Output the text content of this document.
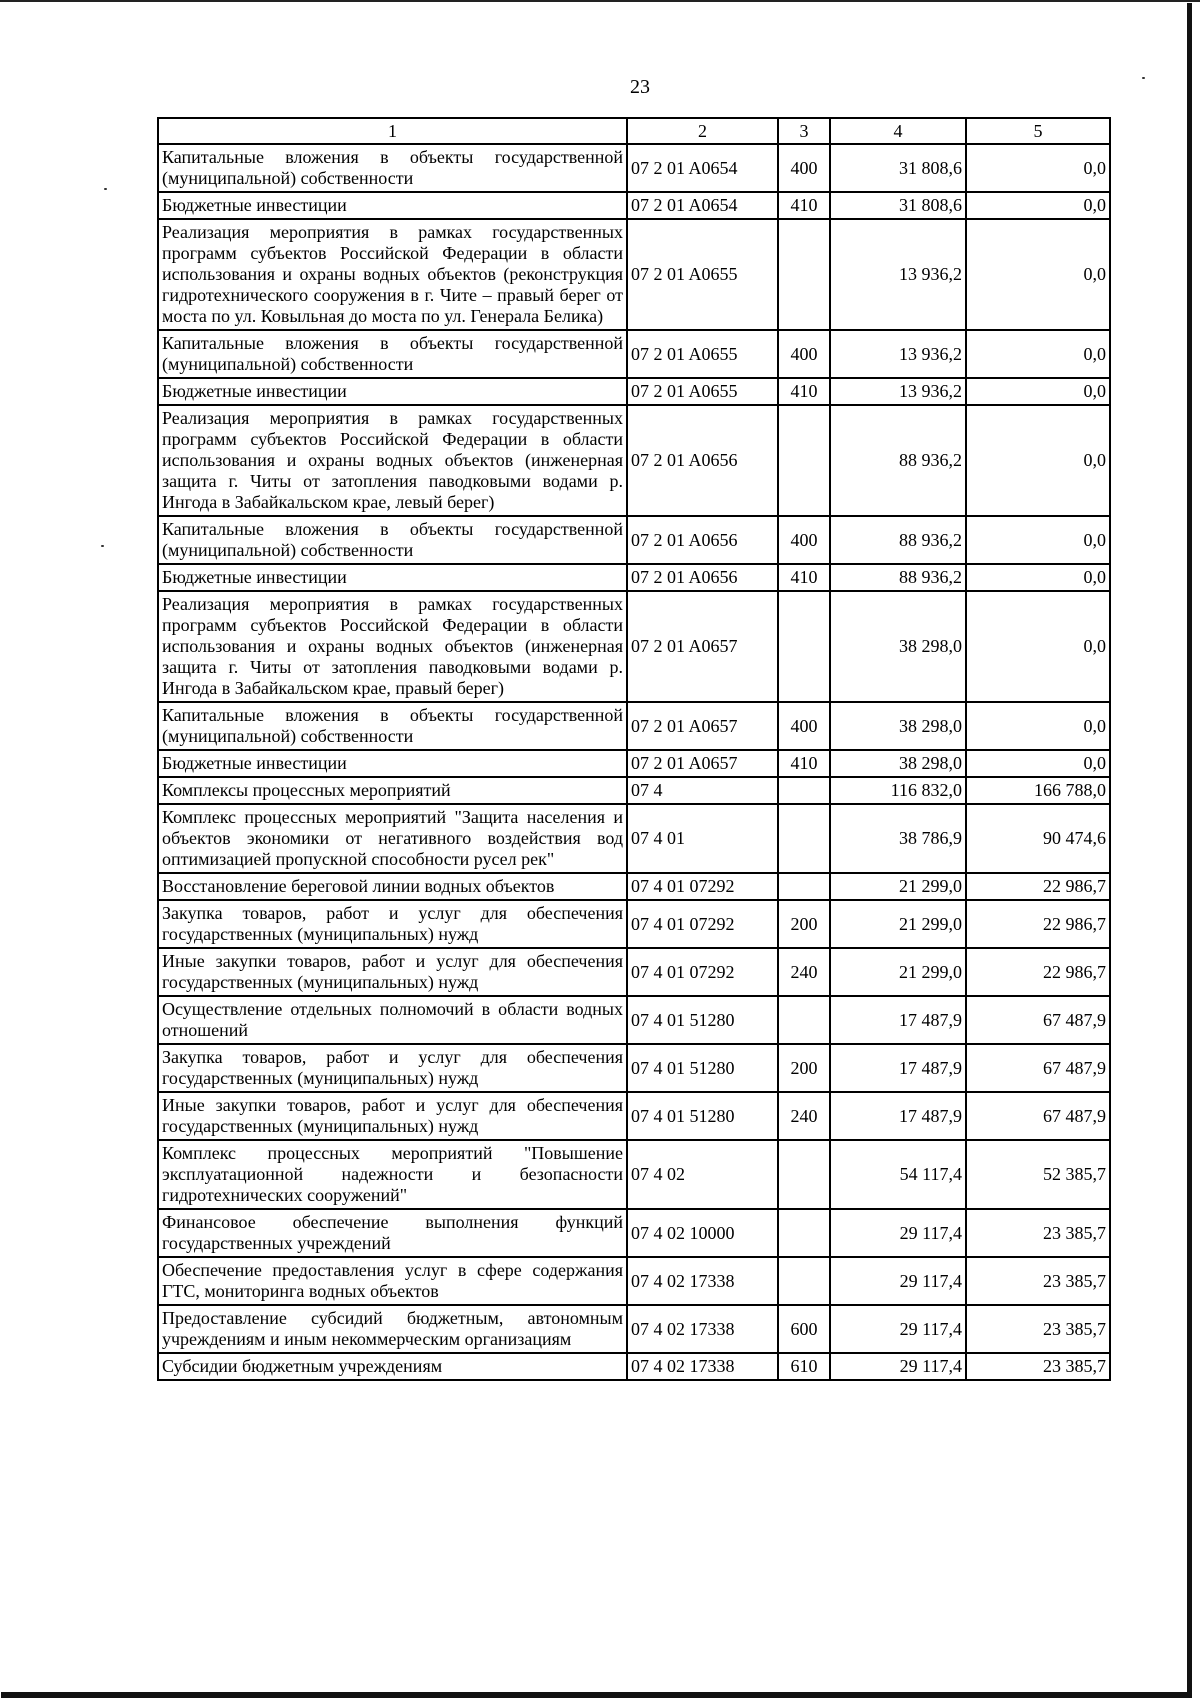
23
1	2	3	4	5
Капитальные вложения в объекты государственной (муниципальной) собственности	07 2 01 A0654	400	31 808,6	0,0
Бюджетные инвестиции	07 2 01 A0654	410	31 808,6	0,0
Реализация мероприятия в рамках государственных программ субъектов Российской Федерации в области использования и охраны водных объектов (реконструкция гидротехнического сооружения в г. Чите – правый берег от моста по ул. Ковыльная до моста по ул. Генерала Белика)	07 2 01 A0655		13 936,2	0,0
Капитальные вложения в объекты государственной (муниципальной) собственности	07 2 01 A0655	400	13 936,2	0,0
Бюджетные инвестиции	07 2 01 A0655	410	13 936,2	0,0
Реализация мероприятия в рамках государственных программ субъектов Российской Федерации в области использования и охраны водных объектов (инженерная защита г. Читы от затопления паводковыми водами р. Ингода в Забайкальском крае, левый берег)	07 2 01 A0656		88 936,2	0,0
Капитальные вложения в объекты государственной (муниципальной) собственности	07 2 01 A0656	400	88 936,2	0,0
Бюджетные инвестиции	07 2 01 A0656	410	88 936,2	0,0
Реализация мероприятия в рамках государственных программ субъектов Российской Федерации в области использования и охраны водных объектов (инженерная защита г. Читы от затопления паводковыми водами р. Ингода в Забайкальском крае, правый берег)	07 2 01 A0657		38 298,0	0,0
Капитальные вложения в объекты государственной (муниципальной) собственности	07 2 01 A0657	400	38 298,0	0,0
Бюджетные инвестиции	07 2 01 A0657	410	38 298,0	0,0
Комплексы процессных мероприятий	07 4		116 832,0	166 788,0
Комплекс процессных мероприятий "Защита населения и объектов экономики от негативного воздействия вод оптимизацией пропускной способности русел рек"	07 4 01		38 786,9	90 474,6
Восстановление береговой линии водных объектов	07 4 01 07292		21 299,0	22 986,7
Закупка товаров, работ и услуг для обеспечения государственных (муниципальных) нужд	07 4 01 07292	200	21 299,0	22 986,7
Иные закупки товаров, работ и услуг для обеспечения государственных (муниципальных) нужд	07 4 01 07292	240	21 299,0	22 986,7
Осуществление отдельных полномочий в области водных отношений	07 4 01 51280		17 487,9	67 487,9
Закупка товаров, работ и услуг для обеспечения государственных (муниципальных) нужд	07 4 01 51280	200	17 487,9	67 487,9
Иные закупки товаров, работ и услуг для обеспечения государственных (муниципальных) нужд	07 4 01 51280	240	17 487,9	67 487,9
Комплекс процессных мероприятий "Повышение эксплуатационной надежности и безопасности гидротехнических сооружений"	07 4 02		54 117,4	52 385,7
Финансовое обеспечение выполнения функций государственных учреждений	07 4 02 10000		29 117,4	23 385,7
Обеспечение предоставления услуг в сфере содержания ГТС, мониторинга водных объектов	07 4 02 17338		29 117,4	23 385,7
Предоставление субсидий бюджетным, автономным учреждениям и иным некоммерческим организациям	07 4 02 17338	600	29 117,4	23 385,7
Субсидии бюджетным учреждениям	07 4 02 17338	610	29 117,4	23 385,7
